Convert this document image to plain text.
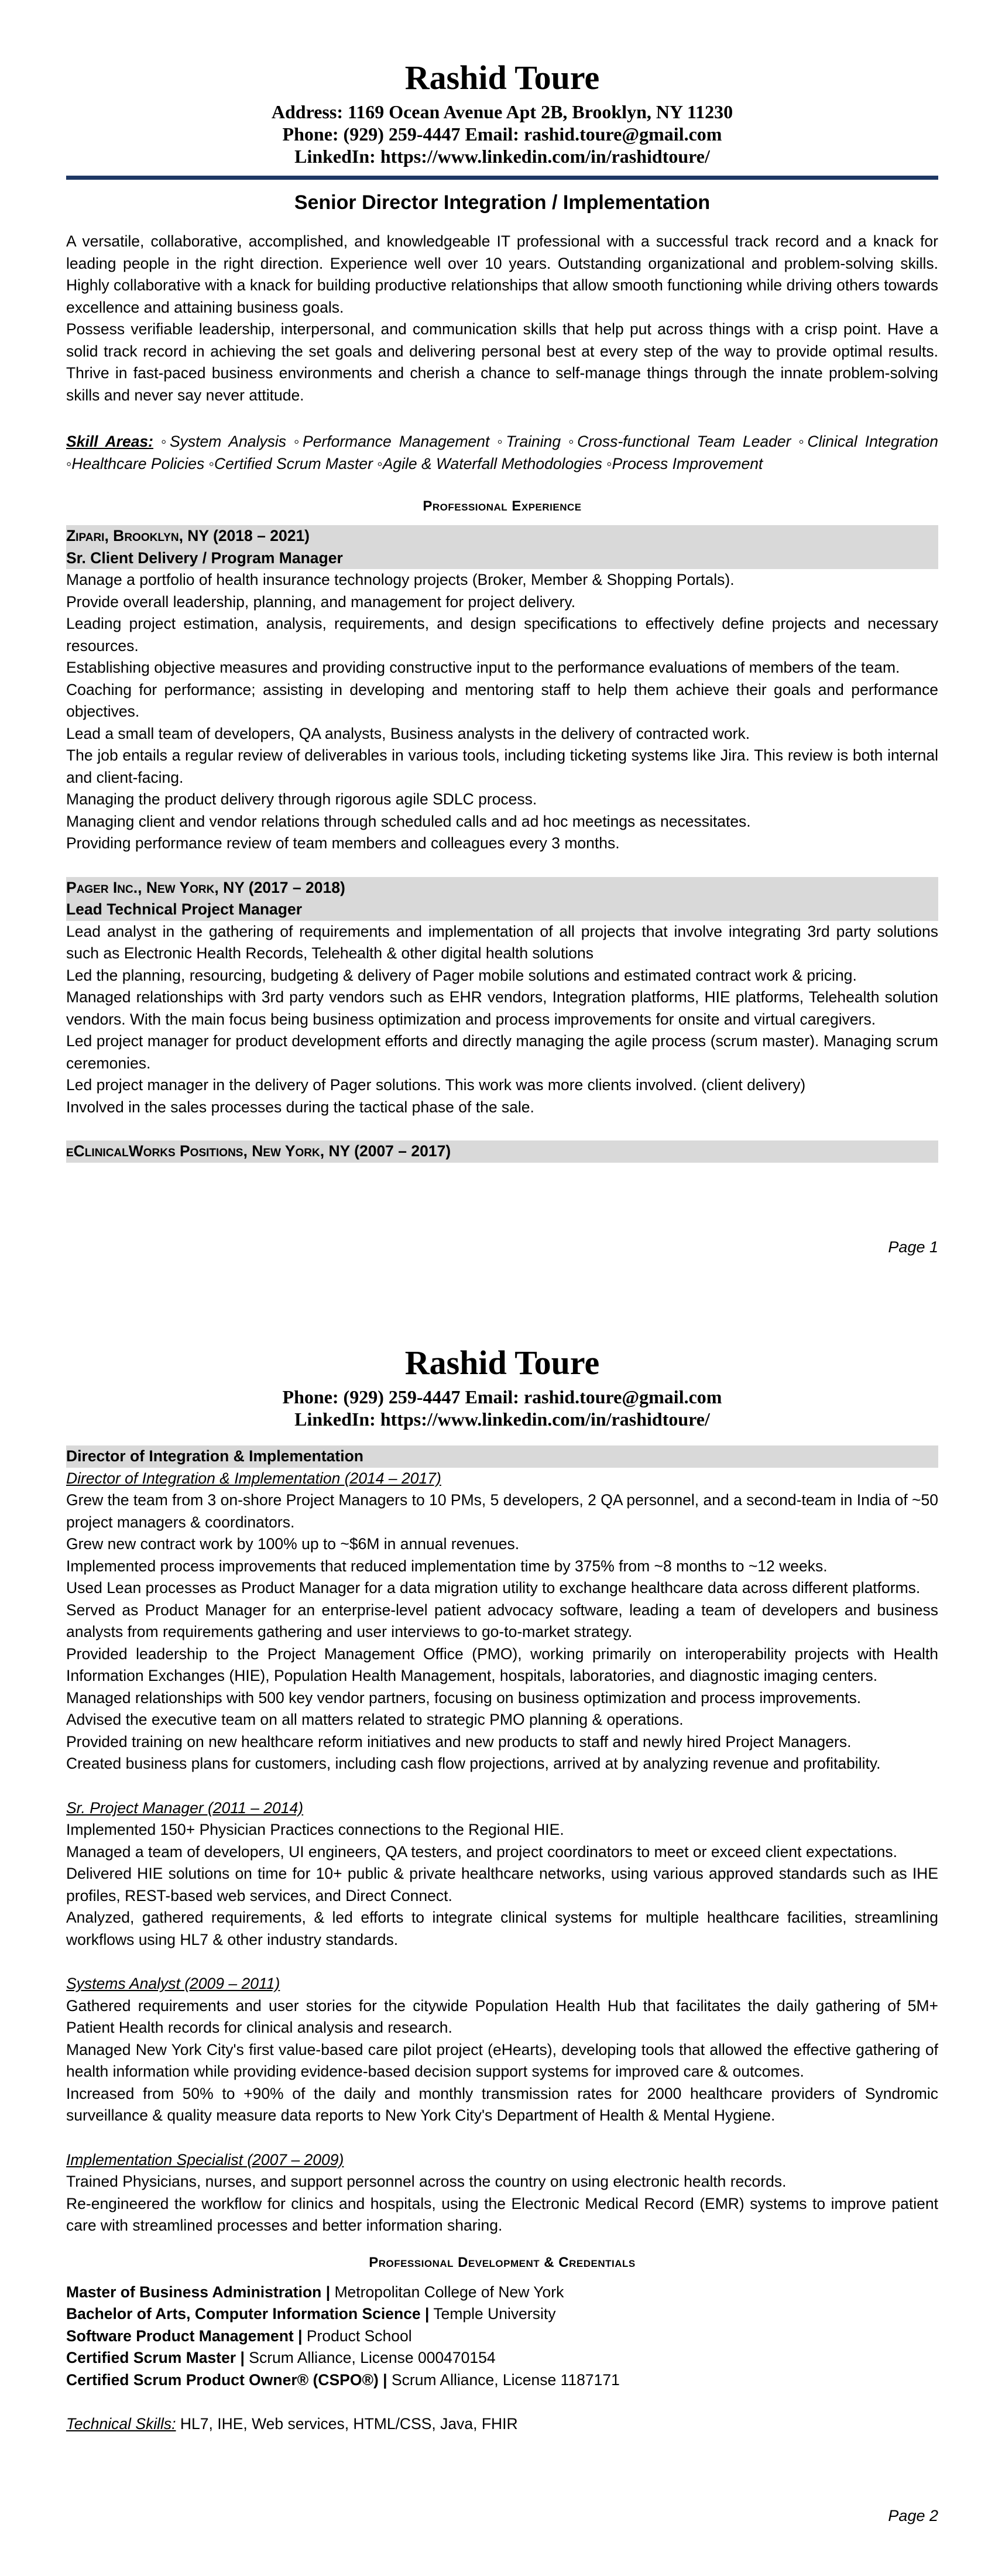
Rashid Toure

Address: 1169 Ocean Avenue Apt 2B, Brooklyn, NY 11230

Phone: (929) 259-4447 Email: rashid.toure@gmail.com

LinkedIn: https://www.linkedin.com/in/rashidtoure/

Senior Director Integration / Implementation

A versatile, collaborative, accomplished, and knowledgeable IT professional with a successful track record and a knack for leading people in the right direction. Experience well over 10 years. Outstanding organizational and problem-solving skills. Highly collaborative with a knack for building productive relationships that allow smooth functioning while driving others towards excellence and attaining business goals.

Possess verifiable leadership, interpersonal, and communication skills that help put across things with a crisp point. Have a solid track record in achieving the set goals and delivering personal best at every step of the way to provide optimal results. Thrive in fast-paced business environments and cherish a chance to self-manage things through the innate problem-solving skills and never say never attitude.

Skill Areas: ◦System Analysis ◦Performance Management ◦Training ◦Cross-functional Team Leader ◦Clinical Integration ◦Healthcare Policies ◦Certified Scrum Master ◦Agile & Waterfall Methodologies ◦Process Improvement

Professional Experience
Zipari, Brooklyn, NY (2018 – 2021)
Sr. Client Delivery / Program Manager

Manage a portfolio of health insurance technology projects (Broker, Member & Shopping Portals).

Provide overall leadership, planning, and management for project delivery.

Leading project estimation, analysis, requirements, and design specifications to effectively define projects and necessary resources.

Establishing objective measures and providing constructive input to the performance evaluations of members of the team.

Coaching for performance; assisting in developing and mentoring staff to help them achieve their goals and performance objectives.

Lead a small team of developers, QA analysts, Business analysts in the delivery of contracted work.

The job entails a regular review of deliverables in various tools, including ticketing systems like Jira. This review is both internal and client-facing.

Managing the product delivery through rigorous agile SDLC process.

Managing client and vendor relations through scheduled calls and ad hoc meetings as necessitates.

Providing performance review of team members and colleagues every 3 months.

Pager Inc., New York, NY (2017 – 2018)
Lead Technical Project Manager

Lead analyst in the gathering of requirements and implementation of all projects that involve integrating 3rd party solutions such as Electronic Health Records, Telehealth & other digital health solutions

Led the planning, resourcing, budgeting & delivery of Pager mobile solutions and estimated contract work & pricing.

Managed relationships with 3rd party vendors such as EHR vendors, Integration platforms, HIE platforms, Telehealth solution vendors. With the main focus being business optimization and process improvements for onsite and virtual caregivers.

Led project manager for product development efforts and directly managing the agile process (scrum master). Managing scrum ceremonies.

Led project manager in the delivery of Pager solutions. This work was more clients involved. (client delivery)

Involved in the sales processes during the tactical phase of the sale.

eClinicalWorks Positions, New York, NY (2007 – 2017)
Page 1
Rashid Toure

Phone: (929) 259-4447 Email: rashid.toure@gmail.com

LinkedIn: https://www.linkedin.com/in/rashidtoure/

Director of Integration & Implementation

Director of Integration & Implementation (2014 – 2017)

Grew the team from 3 on-shore Project Managers to 10 PMs, 5 developers, 2 QA personnel, and a second-team in India of ~50 project managers & coordinators.

Grew new contract work by 100% up to ~$6M in annual revenues.

Implemented process improvements that reduced implementation time by 375% from ~8 months to ~12 weeks.

Used Lean processes as Product Manager for a data migration utility to exchange healthcare data across different platforms.

Served as Product Manager for an enterprise-level patient advocacy software, leading a team of developers and business analysts from requirements gathering and user interviews to go-to-market strategy.

Provided leadership to the Project Management Office (PMO), working primarily on interoperability projects with Health Information Exchanges (HIE), Population Health Management, hospitals, laboratories, and diagnostic imaging centers.

Managed relationships with 500 key vendor partners, focusing on business optimization and process improvements.

Advised the executive team on all matters related to strategic PMO planning & operations.

Provided training on new healthcare reform initiatives and new products to staff and newly hired Project Managers.

Created business plans for customers, including cash flow projections, arrived at by analyzing revenue and profitability.

Sr. Project Manager (2011 – 2014)

Implemented 150+ Physician Practices connections to the Regional HIE.

Managed a team of developers, UI engineers, QA testers, and project coordinators to meet or exceed client expectations.

Delivered HIE solutions on time for 10+ public & private healthcare networks, using various approved standards such as IHE profiles, REST-based web services, and Direct Connect.

Analyzed, gathered requirements, & led efforts to integrate clinical systems for multiple healthcare facilities, streamlining workflows using HL7 & other industry standards.

Systems Analyst (2009 – 2011)

Gathered requirements and user stories for the citywide Population Health Hub that facilitates the daily gathering of 5M+ Patient Health records for clinical analysis and research.

Managed New York City's first value-based care pilot project (eHearts), developing tools that allowed the effective gathering of health information while providing evidence-based decision support systems for improved care & outcomes.

Increased from 50% to +90% of the daily and monthly transmission rates for 2000 healthcare providers of Syndromic surveillance & quality measure data reports to New York City's Department of Health & Mental Hygiene.

Implementation Specialist (2007 – 2009)

Trained Physicians, nurses, and support personnel across the country on using electronic health records.

Re-engineered the workflow for clinics and hospitals, using the Electronic Medical Record (EMR) systems to improve patient care with streamlined processes and better information sharing.

Professional Development & Credentials

Master of Business Administration | Metropolitan College of New York

Bachelor of Arts, Computer Information Science | Temple University

Software Product Management | Product School

Certified Scrum Master | Scrum Alliance, License 000470154

Certified Scrum Product Owner® (CSPO®) | Scrum Alliance, License 1187171

Technical Skills: HL7, IHE, Web services, HTML/CSS, Java, FHIR

Page 2
